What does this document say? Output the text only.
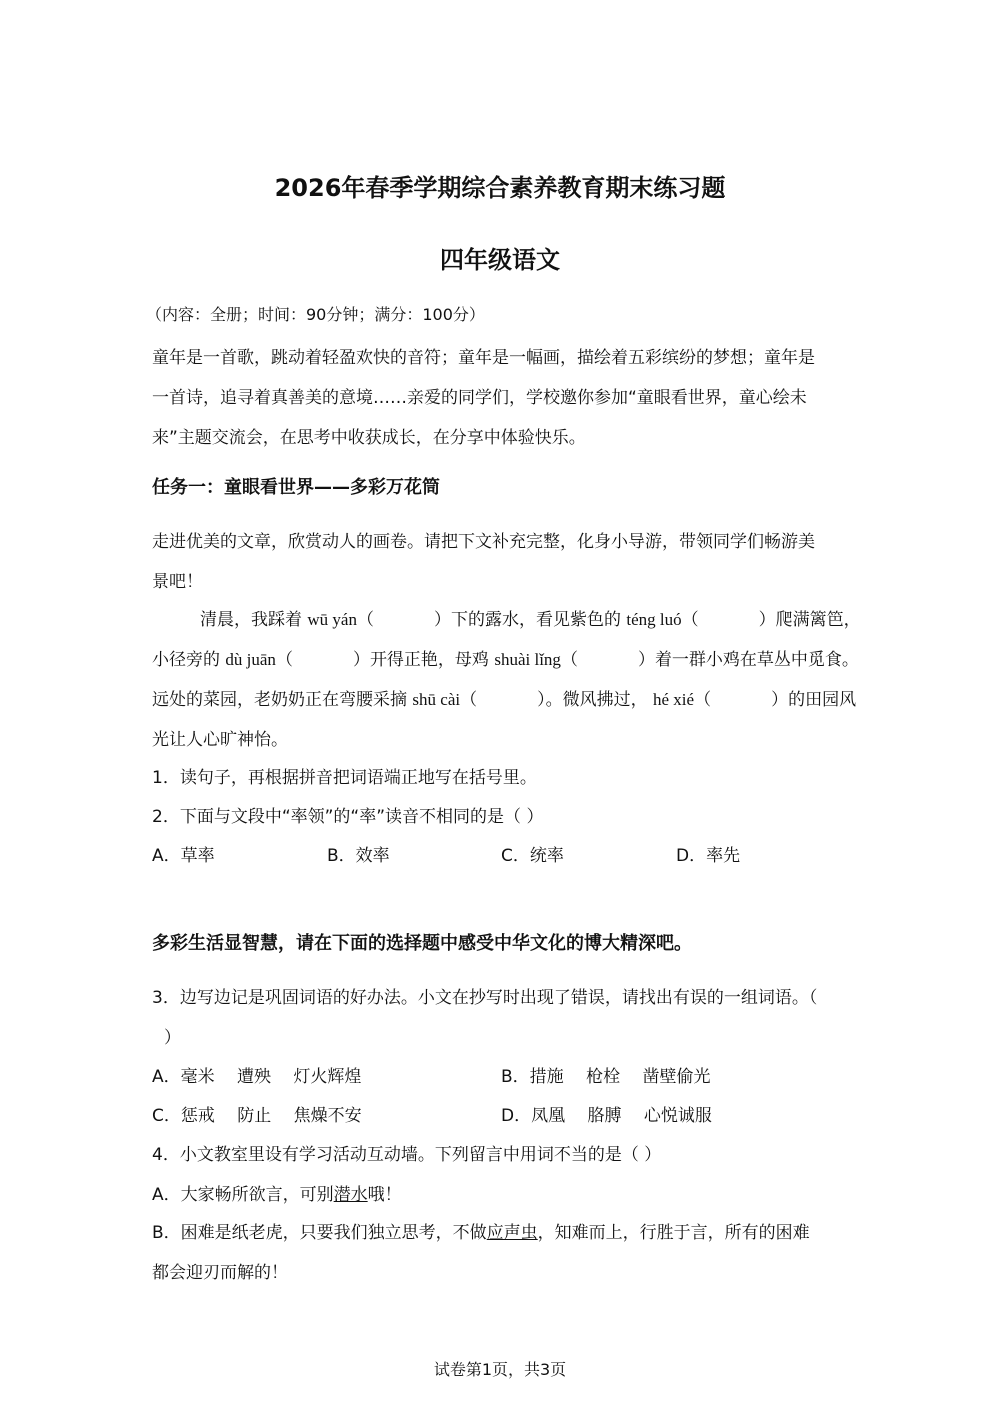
2026年春季学期综合素养教育期末练习题
四年级语文
（内容：全册；时间：90分钟；满分：100分）
童年是一首歌，跳动着轻盈欢快的音符；童年是一幅画，描绘着五彩缤纷的梦想；童年是
一首诗，追寻着真善美的意境……亲爱的同学们，学校邀你参加“童眼看世界，童心绘未
来”主题交流会，在思考中收获成长，在分享中体验快乐。
任务一：童眼看世界——多彩万花筒
走进优美的文章，欣赏动人的画卷。请把下文补充完整，化身小导游，带领同学们畅游美
景吧！
清晨，我踩着 wū yán（	）下的露水，看见紫色的 téng luó（	）爬满篱笆，
小径旁的 dù juān（	）开得正艳，母鸡 shuài lǐng（	）着一群小鸡在草丛中觅食。
远处的菜园，老奶奶正在弯腰采摘 shū cài（	）。微风拂过， hé xié（	）的田园风
光让人心旷神怡。
1．读句子，再根据拼音把词语端正地写在括号里。
2．下面与文段中“率领”的“率”读音不相同的是（ ）
A．草率	B．效率	C．统率	D．率先
多彩生活显智慧，请在下面的选择题中感受中华文化的博大精深吧。
3．边写边记是巩固词语的好办法。小文在抄写时出现了错误，请找出有误的一组词语。（
）
A．毫米　 遭殃　 灯火辉煌	B．措施　 枪栓　 凿壁偷光
C．惩戒　 防止　 焦燥不安	D．凤凰　 胳膊　 心悦诚服
4．小文教室里设有学习活动互动墙。下列留言中用词不当的是（ ）
A．大家畅所欲言，可别潜水哦！
B．困难是纸老虎，只要我们独立思考，不做应声虫，知难而上，行胜于言，所有的困难
都会迎刃而解的！
试卷第1页，共3页
